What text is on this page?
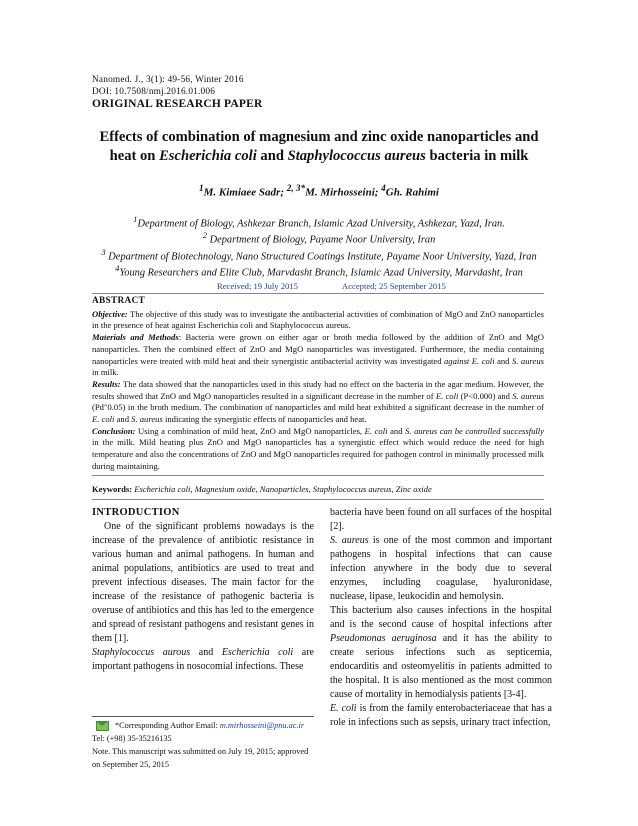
Nanomed. J., 3(1): 49-56, Winter 2016
DOI: 10.7508/nmj.2016.01.006
ORIGINAL RESEARCH PAPER
Effects of combination of magnesium and zinc oxide nanoparticles and
heat on Escherichia coli and Staphylococcus aureus bacteria in milk
$^1$M. Kimiaee Sadr; $^{2, 3*}$M. Mirhosseini; $^4$Gh. Rahimi
$^1$Department of Biology, Ashkezar Branch, Islamic Azad University, Ashkezar, Yazd, Iran.
$^2$ Department of Biology, Payame Noor University, Iran
$^3$ Department of Biotechnology, Nano Structured Coatings Institute, Payame Noor University, Yazd, Iran
$^4$Young Researchers and Elite Club, Marvdasht Branch, Islamic Azad University, Marvdasht, Iran
Received; 19 July 2015	Accepted; 25 September 2015
ABSTRACT

Objective: The objective of this study was to investigate the antibacterial activities of combination of MgO and ZnO nanoparticles in the presence of heat against Escherichia coli and Staphylococcus aureus.

Materials and Methods: Bacteria were grown on either agar or broth media followed by the addition of ZnO and MgO nanoparticles. Then the combined effect of ZnO and MgO nanoparticles was investigated. Furthermore, the media containing nanoparticles were treated with mild heat and their synergistic antibacterial activity was investigated against E. coli and S. aureus in milk.

Results: The data showed that the nanoparticles used in this study had no effect on the bacteria in the agar medium. However, the results showed that ZnO and MgO nanoparticles resulted in a significant decrease in the number of E. coli (P<0.000) and S. aureus (Pd"0.05) in the broth medium. The combination of nanoparticles and mild heat exhibited a significant decrease in the number of E. coli and S. aureus indicating the synergistic effects of nanoparticles and heat.

Conclusion: Using a combination of mild heat, ZnO and MgO nanoparticles, E. coli and S. aureus can be controlled successfully in the milk. Mild heating plus ZnO and MgO nanoparticles has a synergistic effect which would reduce the need for high temperature and also the concentrations of ZnO and MgO nanoparticles required for pathogen control in minimally processed milk during maintaining.

Keywords: Escherichia coli, Magnesium oxide, Nanoparticles, Staphylococcus aureus, Zinc oxide
INTRODUCTION

One of the significant problems nowadays is the increase of the prevalence of antibiotic resistance in various human and animal pathogens. In human and animal populations, antibiotics are used to treat and prevent infectious diseases. The main factor for the increase of the resistance of pathogenic bacteria is overuse of antibiotics and this has led to the emergence and spread of resistant pathogens and resistant genes in them [1].

Staphylococcus aurous and Escherichia coli are important pathogens in nosocomial infections. These

*Corresponding Author Email: m.mirhosseini@pnu.ac.ir
Tel: (+98) 35-35216135
Note. This manuscript was submitted on July 19, 2015; approved on September 25, 2015

bacteria have been found on all surfaces of the hospital [2].

S. aureus is one of the most common and important pathogens in hospital infections that can cause infection anywhere in the body due to several enzymes, including coagulase, hyaluronidase, nuclease, lipase, leukocidin and hemolysin.

This bacterium also causes infections in the hospital and is the second cause of hospital infections after Pseudomonas aeruginosa and it has the ability to create serious infections such as septicemia, endocarditis and osteomyelitis in patients admitted to the hospital. It is also mentioned as the most common cause of mortality in hemodialysis patients [3-4].

E. coli is from the family enterobacteriaceae that has a role in infections such as sepsis, urinary tract infection,
